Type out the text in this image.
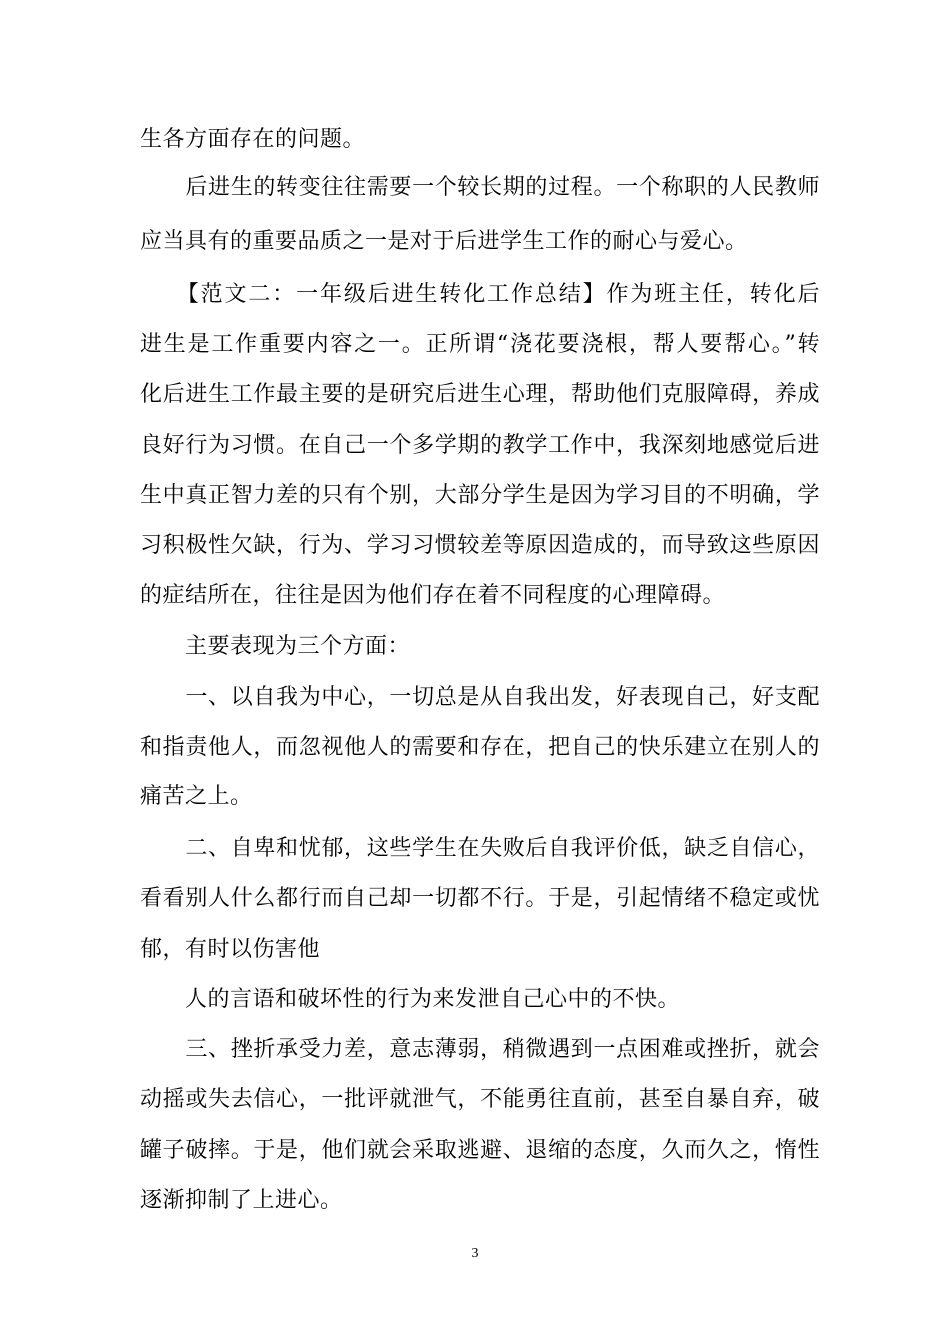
生各方面存在的问题。
　　后进生的转变往往需要一个较长期的过程。一个称职的人民教师
应当具有的重要品质之一是对于后进学生工作的耐心与爱心。
　　【范文二：一年级后进生转化工作总结】作为班主任，转化后
进生是工作重要内容之一。正所谓“浇花要浇根，帮人要帮心。”转
化后进生工作最主要的是研究后进生心理，帮助他们克服障碍，养成
良好行为习惯。在自己一个多学期的教学工作中，我深刻地感觉后进
生中真正智力差的只有个别，大部分学生是因为学习目的不明确，学
习积极性欠缺，行为、学习习惯较差等原因造成的，而导致这些原因
的症结所在，往往是因为他们存在着不同程度的心理障碍。
　　主要表现为三个方面：
　　一、以自我为中心，一切总是从自我出发，好表现自己，好支配
和指责他人，而忽视他人的需要和存在，把自己的快乐建立在别人的
痛苦之上。
　　二、自卑和忧郁，这些学生在失败后自我评价低，缺乏自信心，
看看别人什么都行而自己却一切都不行。于是，引起情绪不稳定或忧
郁，有时以伤害他
　　人的言语和破坏性的行为来发泄自己心中的不快。
　　三、挫折承受力差，意志薄弱，稍微遇到一点困难或挫折，就会
动摇或失去信心，一批评就泄气，不能勇往直前，甚至自暴自弃，破
罐子破摔。于是，他们就会采取逃避、退缩的态度，久而久之，惰性
逐渐抑制了上进心。
3
